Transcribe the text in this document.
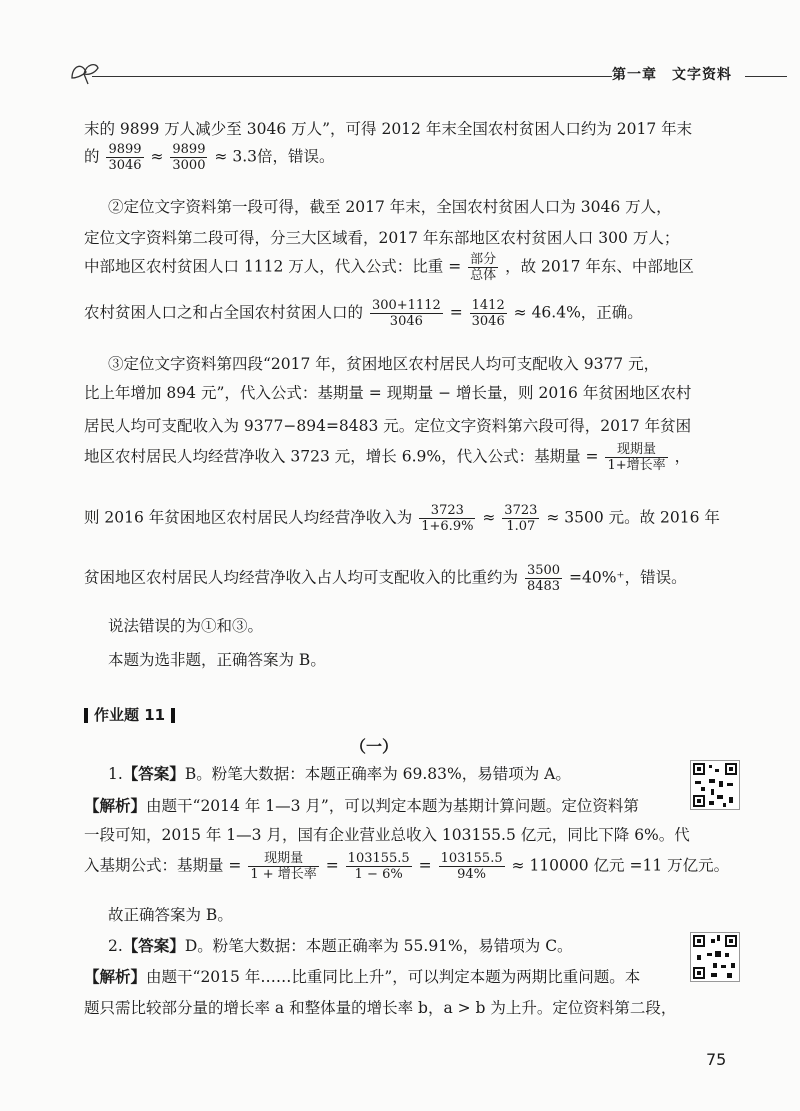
第一章　文字资料
末的 9899 万人减少至 3046 万人”，可得 2012 年末全国农村贫困人口约为 2017 年末
的 $\frac{9899}{3046} \approx \frac{9899}{3000} \approx 3.3$倍，错误。
②定位文字资料第一段可得，截至 2017 年末，全国农村贫困人口为 3046 万人，
定位文字资料第二段可得，分三大区域看，2017 年东部地区农村贫困人口 300 万人；
中部地区农村贫困人口 1112 万人，代入公式：比重 = $\frac{\text{部分}}{\text{总体}}$ ，故 2017 年东、中部地区
农村贫困人口之和占全国农村贫困人口的 $\frac{300+1112}{3046} = \frac{1412}{3046} \approx 46.4\%$，正确。
③定位文字资料第四段“2017 年，贫困地区农村居民人均可支配收入 9377 元，
比上年增加 894 元”，代入公式：基期量 = 现期量 − 增长量，则 2016 年贫困地区农村
居民人均可支配收入为 9377−894=8483 元。定位文字资料第六段可得，2017 年贫困
地区农村居民人均经营净收入 3723 元，增长 6.9%，代入公式：基期量 = $\frac{\text{现期量}}{\text{1+增长率}}$ ，
则 2016 年贫困地区农村居民人均经营净收入为 $\frac{3723}{1+6.9\%} \approx \frac{3723}{1.07} \approx 3500$ 元。故 2016 年
贫困地区农村居民人均经营净收入占人均可支配收入的比重约为 $\frac{3500}{8483} =40\%^+$，错误。
说法错误的为①和③。
本题为选非题，正确答案为 B。
作业题 11
（一）
1.【答案】B。粉笔大数据：本题正确率为 69.83%，易错项为 A。
【解析】由题干“2014 年 1—3 月”，可以判定本题为基期计算问题。定位资料第
一段可知，2015 年 1—3 月，国有企业营业总收入 103155.5 亿元，同比下降 6%。代
入基期公式：基期量 = $\frac{\text{现期量}}{\text{1 + 增长率}} = \frac{103155.5}{1 - 6\%} = \frac{103155.5}{94\%} \approx 110000$ 亿元 =11 万亿元。
故正确答案为 B。
2.【答案】D。粉笔大数据：本题正确率为 55.91%，易错项为 C。
【解析】由题干“2015 年……比重同比上升”，可以判定本题为两期比重问题。本
题只需比较部分量的增长率 a 和整体量的增长率 b，a > b 为上升。定位资料第二段，
75
